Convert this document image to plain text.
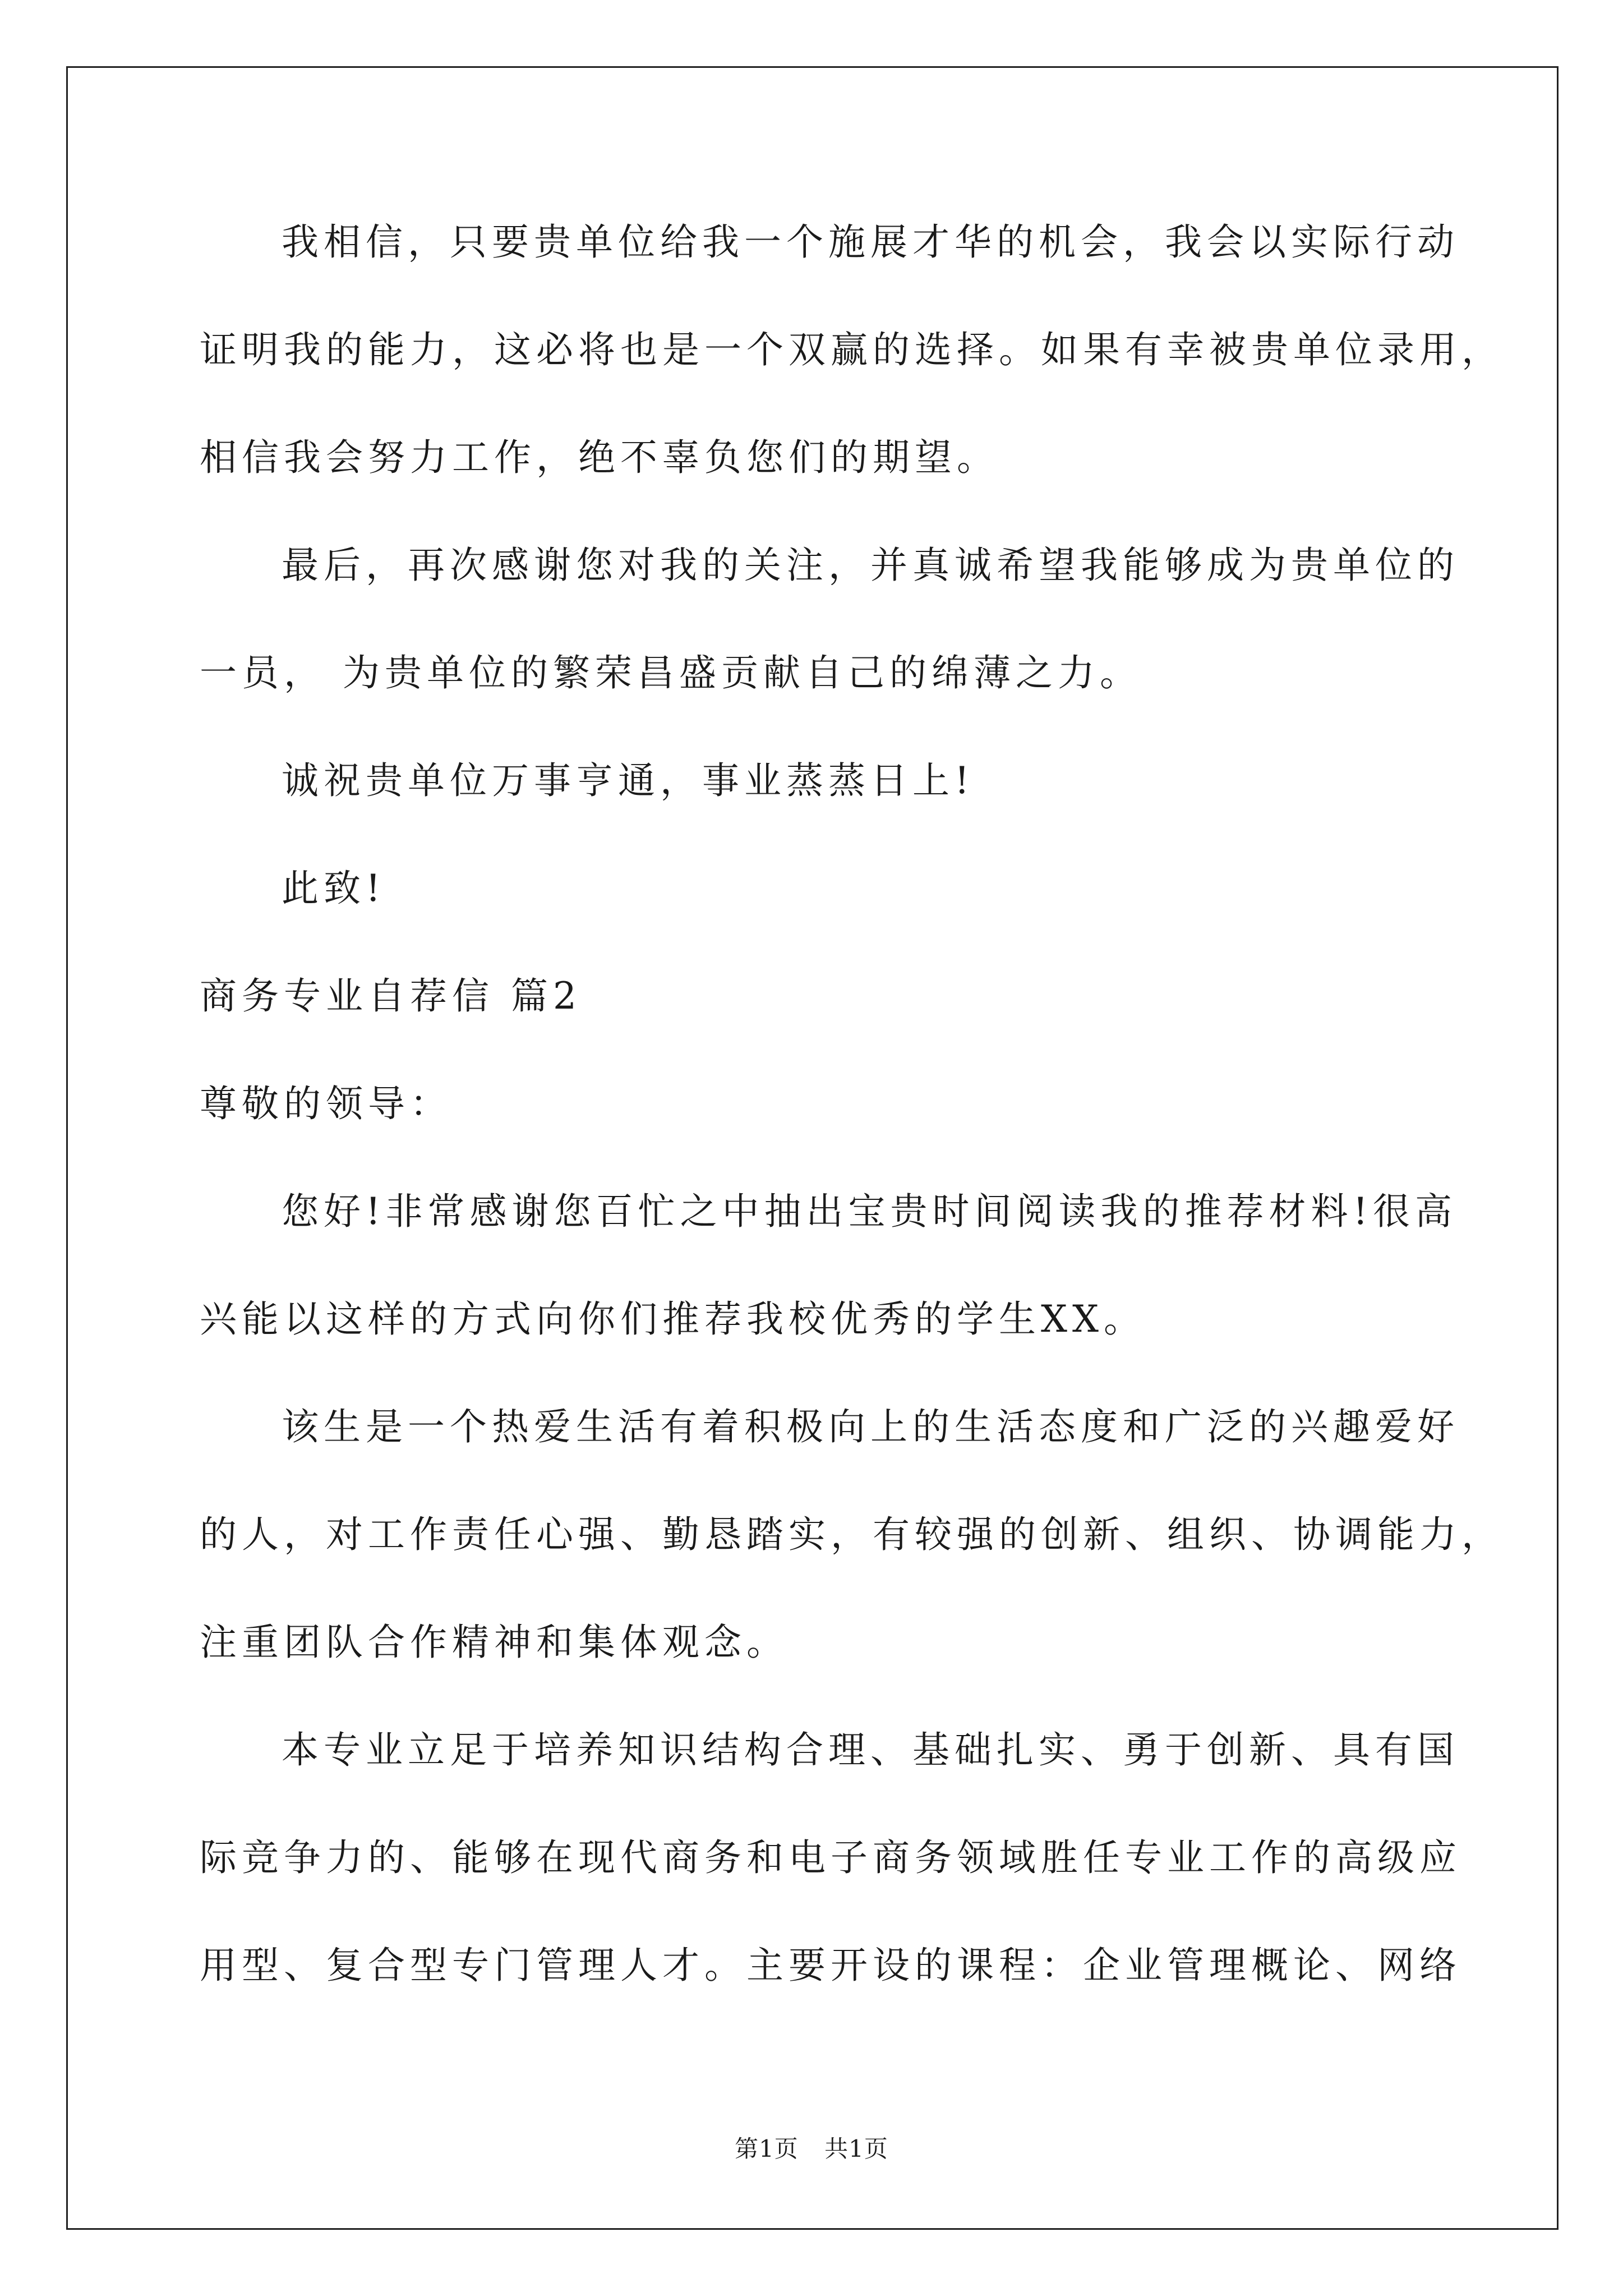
我相信，只要贵单位给我一个施展才华的机会，我会以实际行动
证明我的能力，这必将也是一个双赢的选择。如果有幸被贵单位录用，
相信我会努力工作，绝不辜负您们的期望。
最后，再次感谢您对我的关注，并真诚希望我能够成为贵单位的
一员， 为贵单位的繁荣昌盛贡献自己的绵薄之力。
诚祝贵单位万事亨通，事业蒸蒸日上!
此致!
商务专业自荐信 篇2
尊敬的领导：
您好!非常感谢您百忙之中抽出宝贵时间阅读我的推荐材料!很高
兴能以这样的方式向你们推荐我校优秀的学生XX。
该生是一个热爱生活有着积极向上的生活态度和广泛的兴趣爱好
的人，对工作责任心强、勤恳踏实，有较强的创新、组织、协调能力，
注重团队合作精神和集体观念。
本专业立足于培养知识结构合理、基础扎实、勇于创新、具有国
际竞争力的、能够在现代商务和电子商务领域胜任专业工作的高级应
用型、复合型专门管理人才。主要开设的课程：企业管理概论、网络
第1页 共1页
